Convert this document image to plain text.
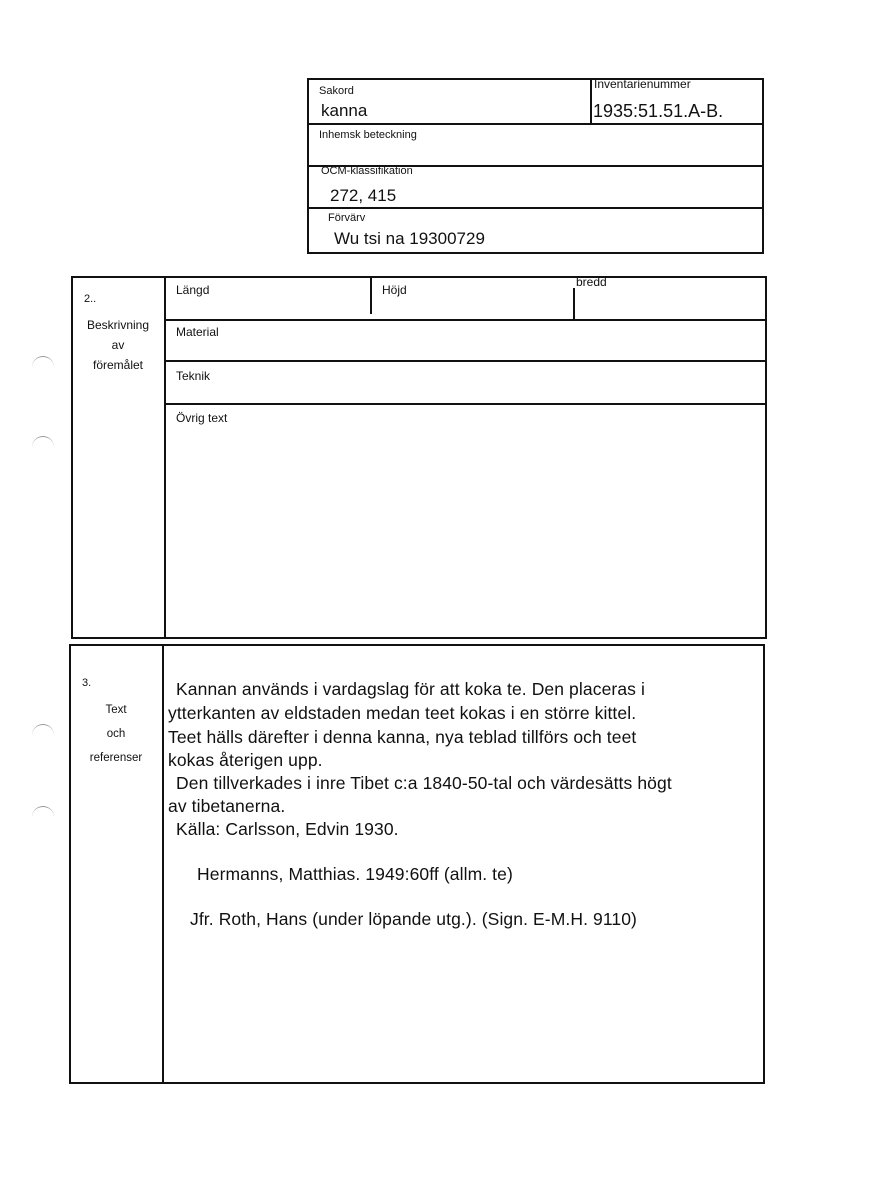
Sakord
kanna
Inventarienummer
1935:51.51.A-B.
Inhemsk beteckning
OCM-klassifikation
272, 415
Förvärv
Wu tsi na 19300729
2..
Beskrivning
av
föremålet
Längd	Höjd
bredd
Material
Teknik
Övrig text
3.
Text
och
referenser
Kannan används i vardagslag för att koka te. Den placeras i
ytterkanten av eldstaden medan teet kokas i en större kittel.
Teet hälls därefter i denna kanna, nya teblad tillförs och teet
kokas återigen upp.
Den tillverkades i inre Tibet c:a 1840-50-tal och värdesätts högt
av tibetanerna.
Källa: Carlsson, Edvin 1930.
Hermanns, Matthias. 1949:60ff (allm. te)
Jfr. Roth, Hans (under löpande utg.). (Sign. E-M.H. 9110)
